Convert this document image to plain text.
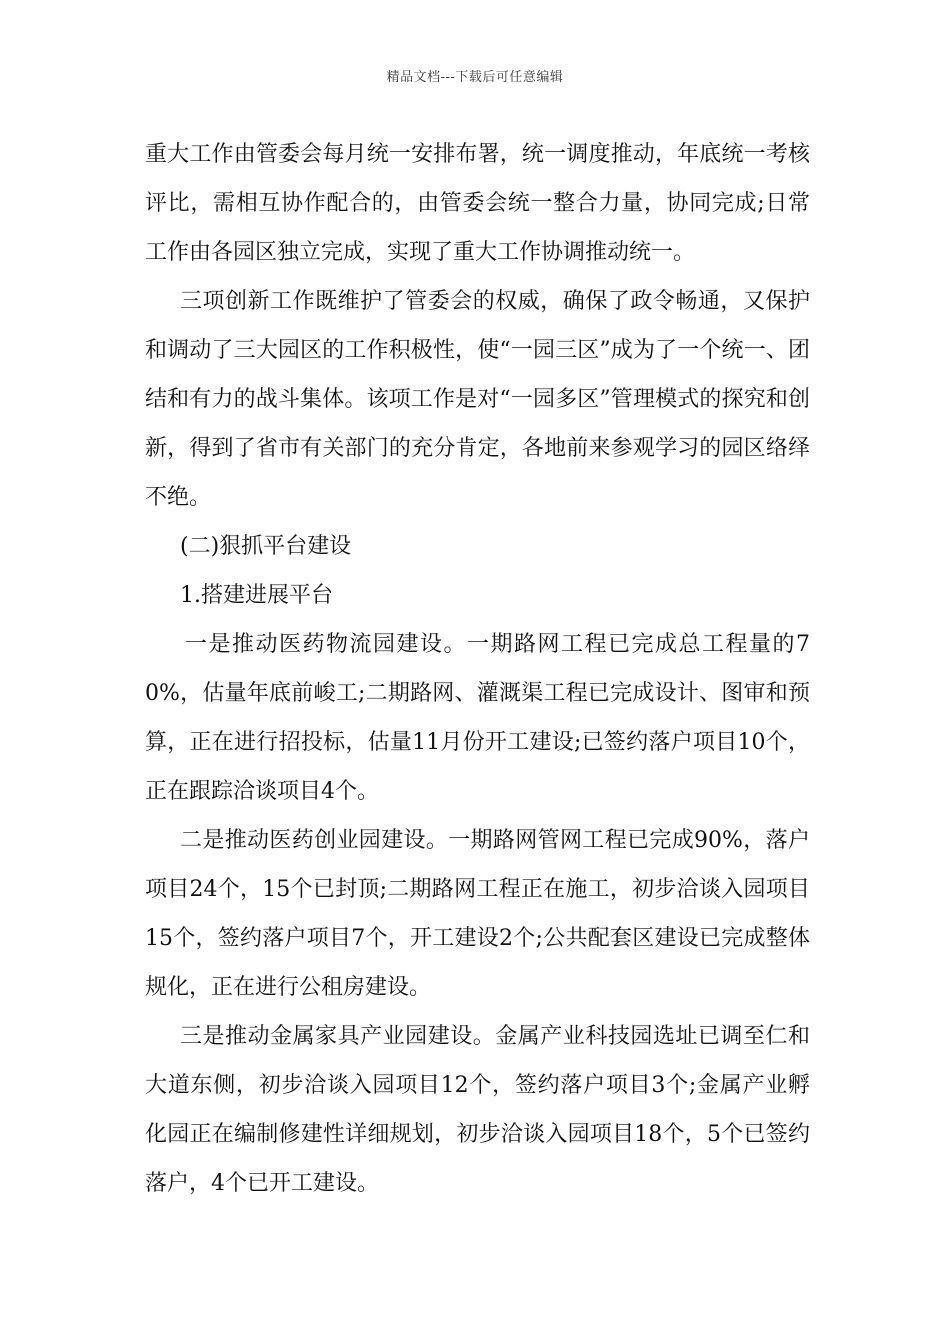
精品文档---下载后可任意编辑

重大工作由管委会每月统一安排布署，统一调度推动，年底统一考核评比，需相互协作配合的，由管委会统一整合力量，协同完成;日常工作由各园区独立完成，实现了重大工作协调推动统一。

三项创新工作既维护了管委会的权威，确保了政令畅通，又保护和调动了三大园区的工作积极性，使“一园三区”成为了一个统一、团结和有力的战斗集体。该项工作是对“一园多区”管理模式的探究和创新，得到了省市有关部门的充分肯定，各地前来参观学习的园区络绎不绝。

(二)狠抓平台建设

1.搭建进展平台

一是推动医药物流园建设。一期路网工程已完成总工程量的70%，估量年底前峻工;二期路网、灌溉渠工程已完成设计、图审和预算，正在进行招投标，估量11月份开工建设;已签约落户项目10个，正在跟踪洽谈项目4个。

二是推动医药创业园建设。一期路网管网工程已完成90%，落户项目24个，15个已封顶;二期路网工程正在施工，初步洽谈入园项目15个，签约落户项目7个，开工建设2个;公共配套区建设已完成整体规化，正在进行公租房建设。

三是推动金属家具产业园建设。金属产业科技园选址已调至仁和大道东侧，初步洽谈入园项目12个，签约落户项目3个;金属产业孵化园正在编制修建性详细规划，初步洽谈入园项目18个，5个已签约落户，4个已开工建设。
